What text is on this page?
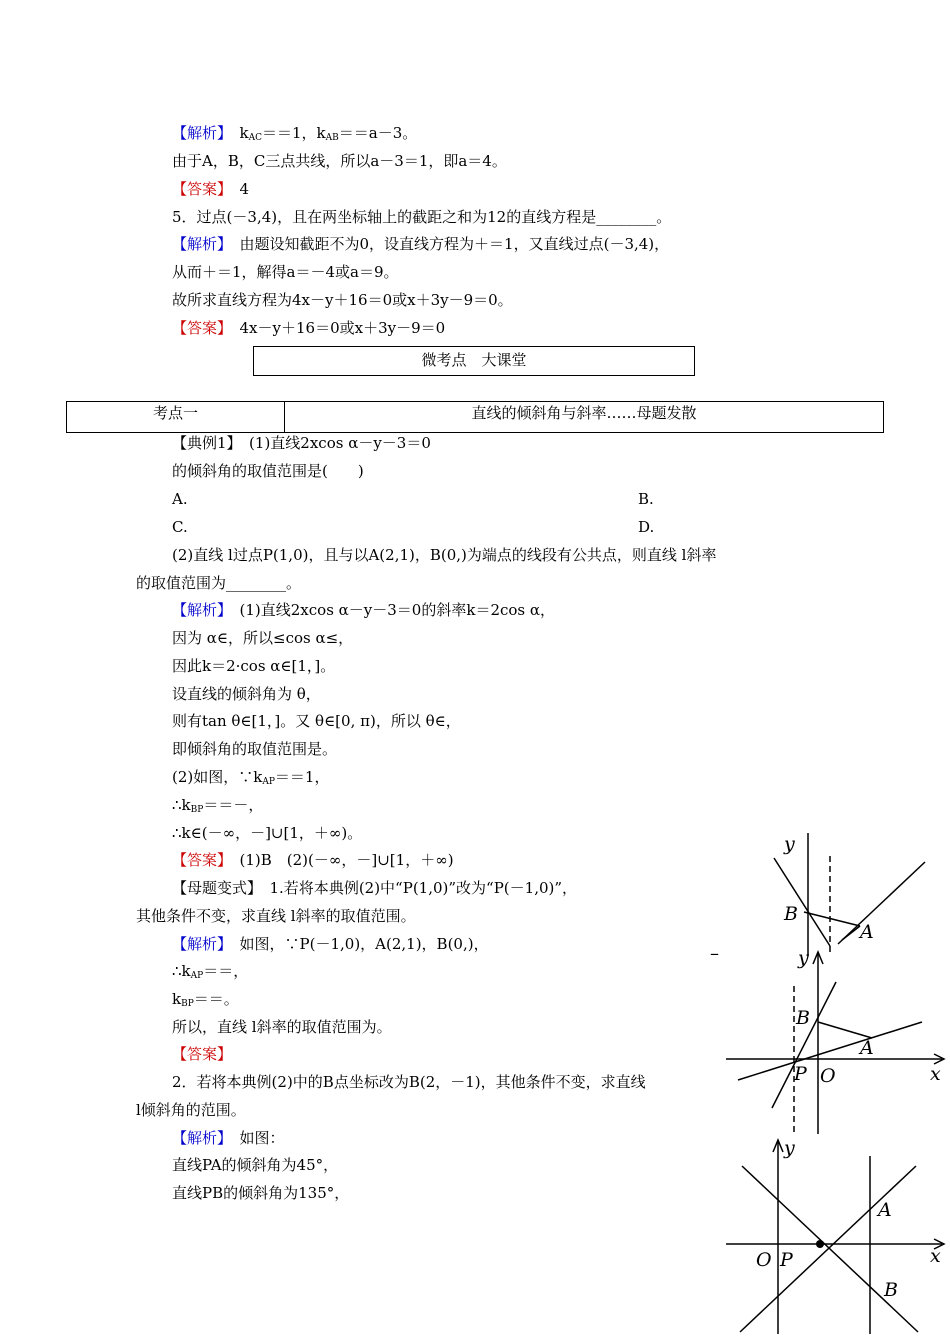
【解析】　$k_{AC}==1$，$k_{AB}==a-3$。
由于A，B，C三点共线，所以a－3＝1，即a＝4。
【答案】　4
5．过点(－3,4)，且在两坐标轴上的截距之和为12的直线方程是________。
【解析】　由题设知截距不为0，设直线方程为＋＝1，又直线过点(－3,4)，
从而＋＝1，解得a＝－4或a＝9。
故所求直线方程为4x－y＋16＝0或x＋3y－9＝0。
【答案】　4x－y＋16＝0或x＋3y－9＝0
微考点　大课堂
考点一	直线的倾斜角与斜率……母题发散
【典例1】　(1)直线2xcos α－y－3＝0
的倾斜角的取值范围是(　　)
A.	B.
C.	D.
(2)直线 l过点P(1,0)，且与以A(2,1)，B(0,)为端点的线段有公共点，则直线 l斜率
的取值范围为________。
【解析】　(1)直线2xcos α－y－3＝0的斜率k＝2cos α，
因为 α∈，所以≤cos α≤，
因此k＝2·cos α∈[1，]。
设直线的倾斜角为 θ，
则有tan θ∈[1，]。又 θ∈[0, π)，所以 θ∈，
即倾斜角的取值范围是。
(2)如图，$\because k_{AP}==1$，
$\therefore k_{BP}==-$，
∴k∈(－∞，－]∪[1，＋∞)。
【答案】　(1)B　(2)(－∞，－]∪[1，＋∞)
【母题变式】　1.若将本典例(2)中“P(1,0)”改为“P(－1,0)”，
其他条件不变，求直线 l斜率的取值范围。
【解析】　如图，∵P(－1,0)，A(2,1)，B(0,)，
$\therefore k_{AP}==$，
$k_{BP}==$。
所以，直线 l斜率的取值范围为。
【答案】
2．若将本典例(2)中的B点坐标改为B(2，－1)，其他条件不变，求直线
l倾斜角的范围。
【解析】　如图：
直线PA的倾斜角为45°，
直线PB的倾斜角为135°，
–
y
B
A
y
B
A
P O	x
y
A
B
O P	x
